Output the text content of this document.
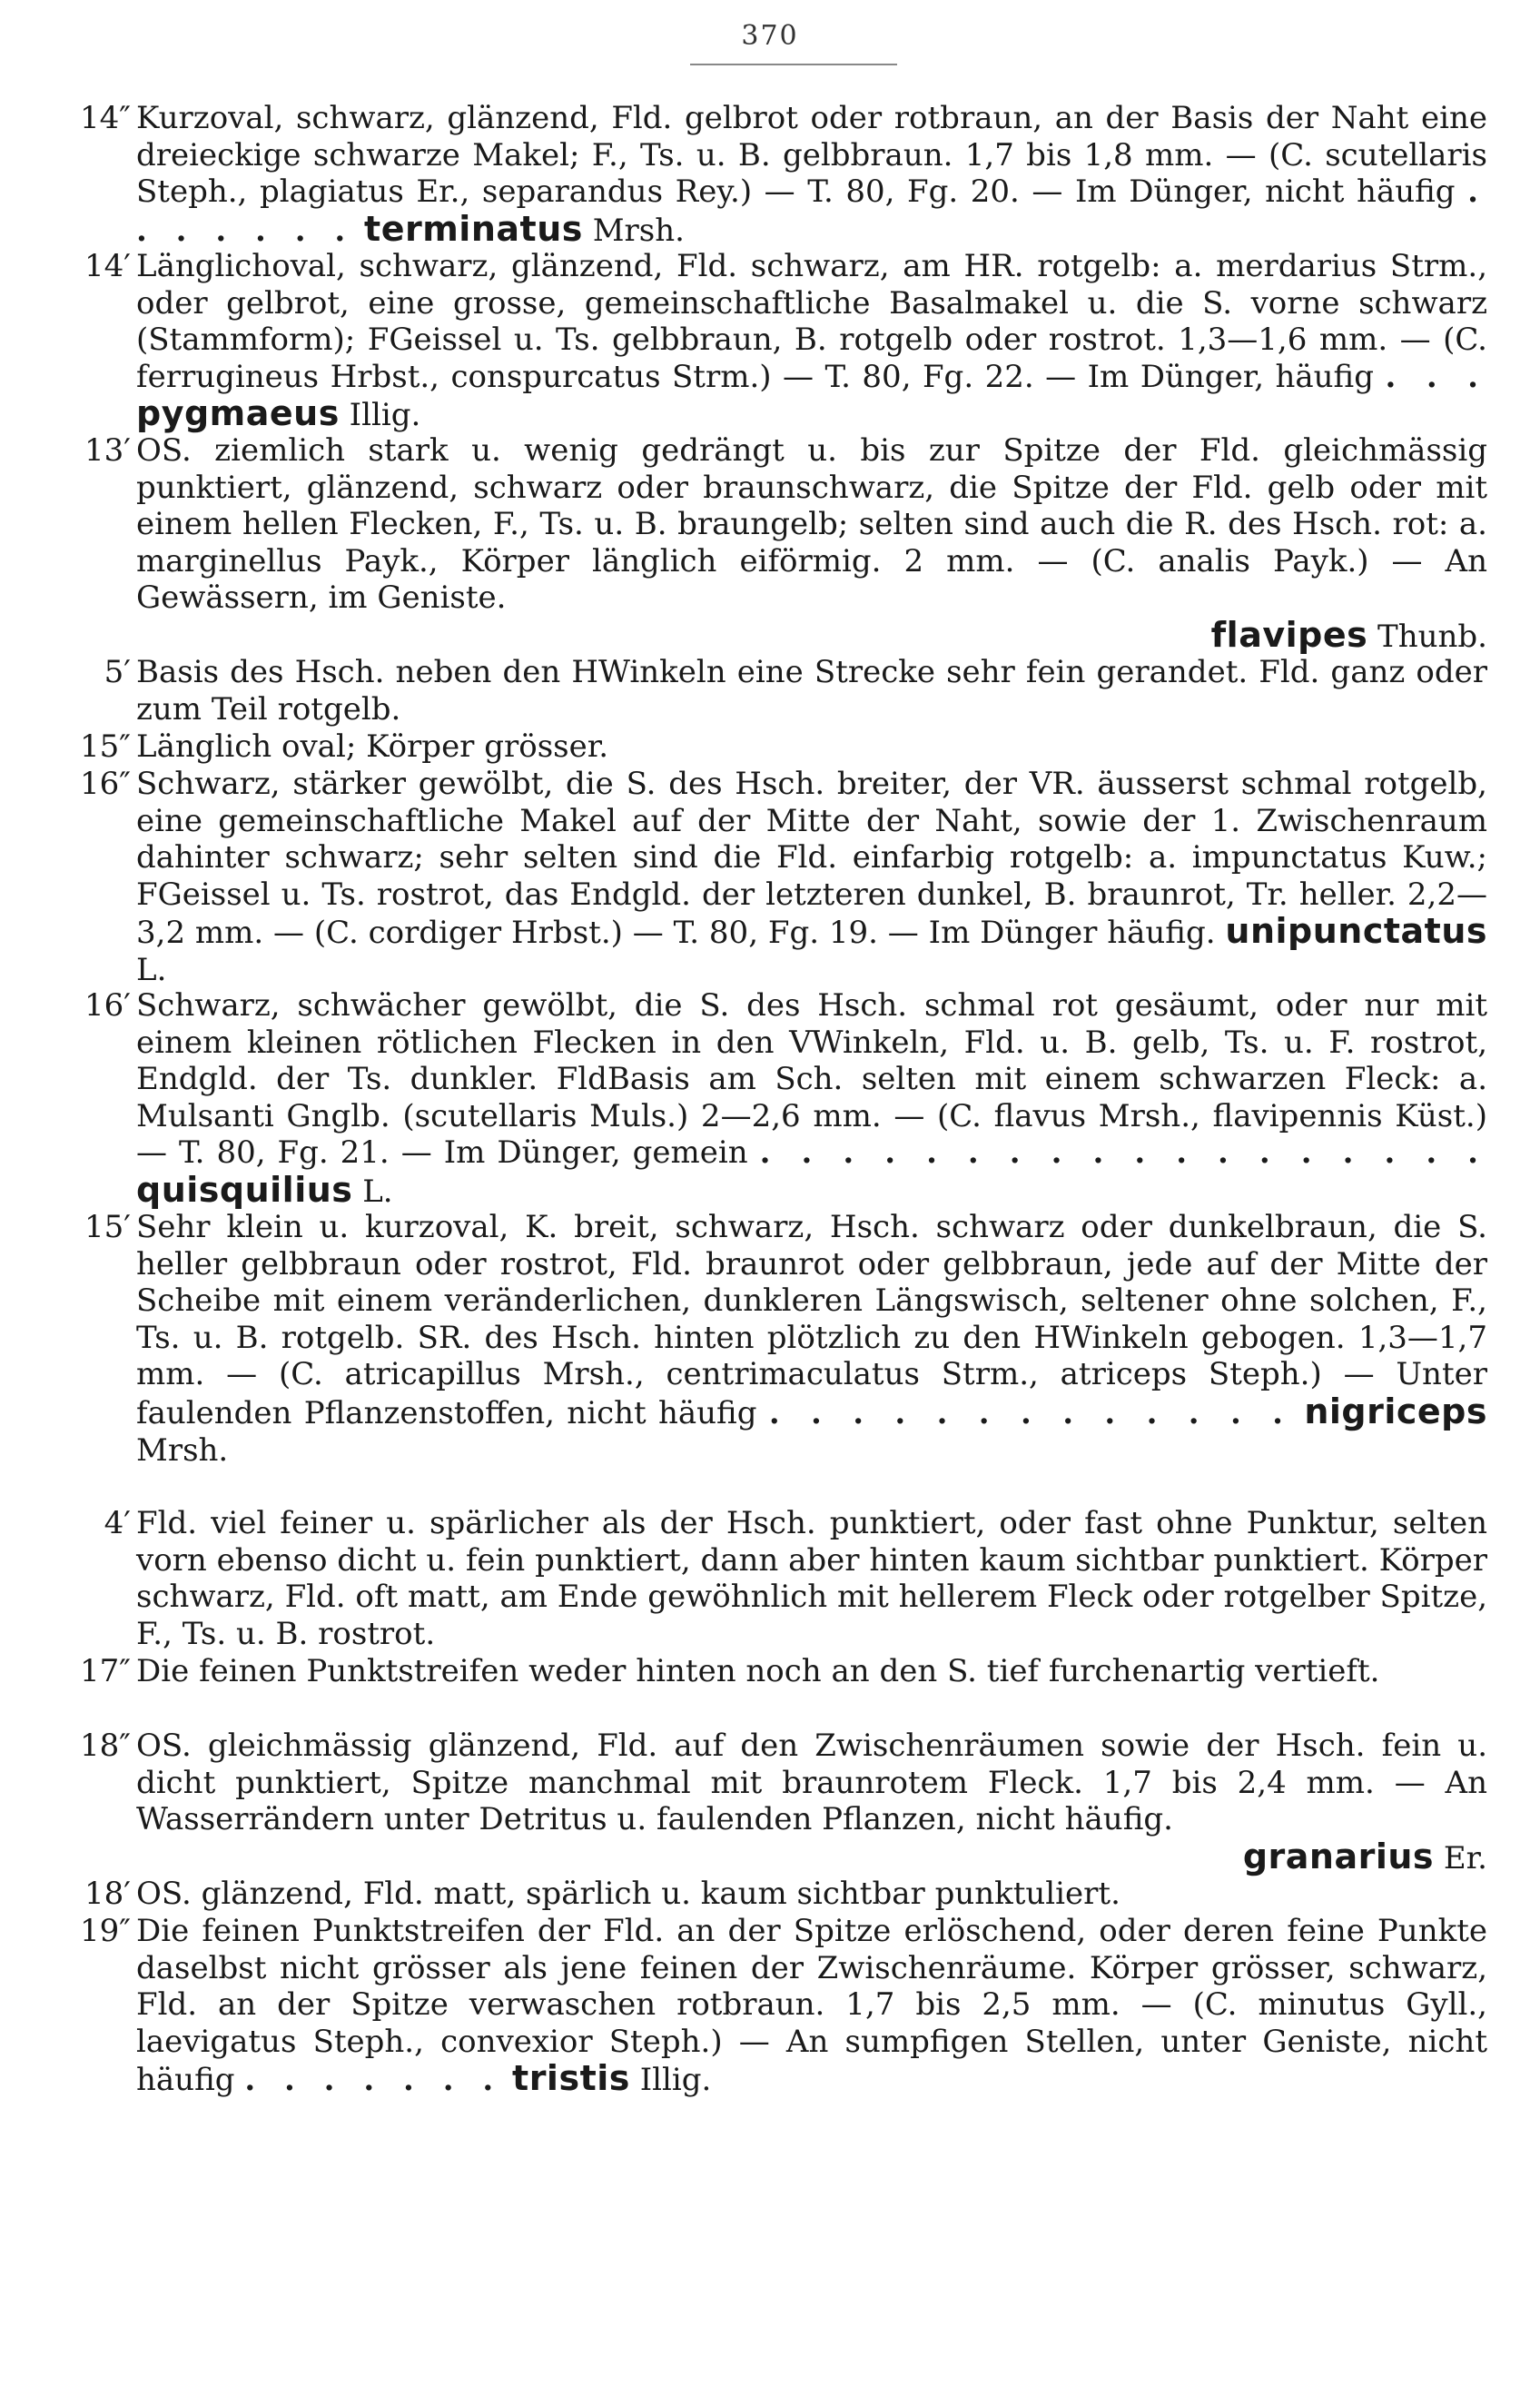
370
14″ Kurzoval, schwarz, glänzend, Fld. gelbrot oder rotbraun, an der Basis der Naht eine dreieckige schwarze Makel; F., Ts. u. B. gelbbraun. 1,7 bis 1,8 mm. — (C. scutellaris Steph., plagiatus Er., separandus Rey.) — T. 80, Fg. 20. — Im Dünger, nicht häufig . . . . . . . terminatus Mrsh.
14′ Länglichoval, schwarz, glänzend, Fld. schwarz, am HR. rotgelb: a. merdarius Strm., oder gelbrot, eine grosse, gemeinschaftliche Basalmakel u. die S. vorne schwarz (Stammform); FGeissel u. Ts. gelbbraun, B. rotgelb oder rostrot. 1,3—1,6 mm. — (C. ferrugineus Hrbst., conspurcatus Strm.) — T. 80, Fg. 22. — Im Dünger, häufig . . . pygmaeus Illig.
13′ OS. ziemlich stark u. wenig gedrängt u. bis zur Spitze der Fld. gleichmässig punktiert, glänzend, schwarz oder braunschwarz, die Spitze der Fld. gelb oder mit einem hellen Flecken, F., Ts. u. B. braungelb; selten sind auch die R. des Hsch. rot: a. marginellus Payk., Körper länglich eiförmig. 2 mm. — (C. analis Payk.) — An Gewässern, im Geniste.
flavipes Thunb.
5′ Basis des Hsch. neben den HWinkeln eine Strecke sehr fein gerandet. Fld. ganz oder zum Teil rotgelb.
15″ Länglich oval; Körper grösser.
16″ Schwarz, stärker gewölbt, die S. des Hsch. breiter, der VR. äusserst schmal rotgelb, eine gemeinschaftliche Makel auf der Mitte der Naht, sowie der 1. Zwischenraum dahinter schwarz; sehr selten sind die Fld. einfarbig rotgelb: a. impunctatus Kuw.; FGeissel u. Ts. rostrot, das Endgld. der letzteren dunkel, B. braunrot, Tr. heller. 2,2—3,2 mm. — (C. cordiger Hrbst.) — T. 80, Fg. 19. — Im Dünger häufig. unipunctatus L.
16′ Schwarz, schwächer gewölbt, die S. des Hsch. schmal rot gesäumt, oder nur mit einem kleinen rötlichen Flecken in den VWinkeln, Fld. u. B. gelb, Ts. u. F. rostrot, Endgld. der Ts. dunkler. FldBasis am Sch. selten mit einem schwarzen Fleck: a. Mulsanti Gnglb. (scutellaris Muls.) 2—2,6 mm. — (C. flavus Mrsh., flavipennis Küst.) — T. 80, Fg. 21. — Im Dünger, gemein . . . . . . . . . . . . . . . . . . quisquilius L.
15′ Sehr klein u. kurzoval, K. breit, schwarz, Hsch. schwarz oder dunkelbraun, die S. heller gelbbraun oder rostrot, Fld. braunrot oder gelbbraun, jede auf der Mitte der Scheibe mit einem veränderlichen, dunkleren Längswisch, seltener ohne solchen, F., Ts. u. B. rotgelb. SR. des Hsch. hinten plötzlich zu den HWinkeln gebogen. 1,3—1,7 mm. — (C. atricapillus Mrsh., centrimaculatus Strm., atriceps Steph.) — Unter faulenden Pflanzenstoffen, nicht häufig . . . . . . . . . . . . . nigriceps Mrsh.
4′ Fld. viel feiner u. spärlicher als der Hsch. punktiert, oder fast ohne Punktur, selten vorn ebenso dicht u. fein punktiert, dann aber hinten kaum sichtbar punktiert. Körper schwarz, Fld. oft matt, am Ende gewöhnlich mit hellerem Fleck oder rotgelber Spitze, F., Ts. u. B. rostrot.
17″ Die feinen Punktstreifen weder hinten noch an den S. tief furchenartig vertieft.
18″ OS. gleichmässig glänzend, Fld. auf den Zwischenräumen sowie der Hsch. fein u. dicht punktiert, Spitze manchmal mit braunrotem Fleck. 1,7 bis 2,4 mm. — An Wasserrändern unter Detritus u. faulenden Pflanzen, nicht häufig.
granarius Er.
18′ OS. glänzend, Fld. matt, spärlich u. kaum sichtbar punktuliert.
19″ Die feinen Punktstreifen der Fld. an der Spitze erlöschend, oder deren feine Punkte daselbst nicht grösser als jene feinen der Zwischenräume. Körper grösser, schwarz, Fld. an der Spitze verwaschen rotbraun. 1,7 bis 2,5 mm. — (C. minutus Gyll., laevigatus Steph., convexior Steph.) — An sumpfigen Stellen, unter Geniste, nicht häufig . . . . . . . tristis Illig.
